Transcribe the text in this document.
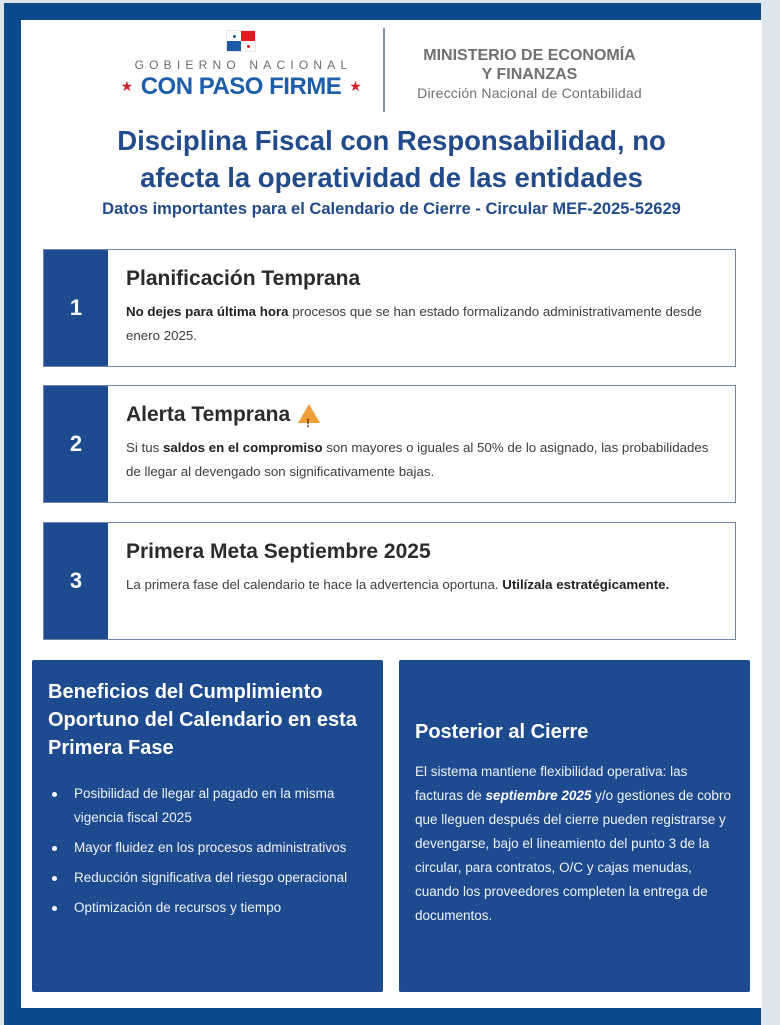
GOBIERNO NACIONAL
★ CON PASO FIRME ★
MINISTERIO DE ECONOMÍA
Y FINANZAS
Dirección Nacional de Contabilidad
Disciplina Fiscal con Responsabilidad, no
afecta la operatividad de las entidades
Datos importantes para el Calendario de Cierre - Circular MEF-2025-52629
1
Planificación Temprana
No dejes para última hora procesos que se han estado formalizando administrativamente desde enero 2025.
2
Alerta Temprana !
Si tus saldos en el compromiso son mayores o iguales al 50% de lo asignado, las probabilidades de llegar al devengado son significativamente bajas.
3
Primera Meta Septiembre 2025
La primera fase del calendario te hace la advertencia oportuna. Utilízala estratégicamente.
Beneficios del Cumplimiento Oportuno del Calendario en esta Primera Fase
Posibilidad de llegar al pagado en la misma vigencia fiscal 2025
Mayor fluidez en los procesos administrativos
Reducción significativa del riesgo operacional
Optimización de recursos y tiempo
Posterior al Cierre
El sistema mantiene flexibilidad operativa: las facturas de septiembre 2025 y/o gestiones de cobro que lleguen después del cierre pueden registrarse y devengarse, bajo el lineamiento del punto 3 de la circular, para contratos, O/C y cajas menudas, cuando los proveedores completen la entrega de documentos.
